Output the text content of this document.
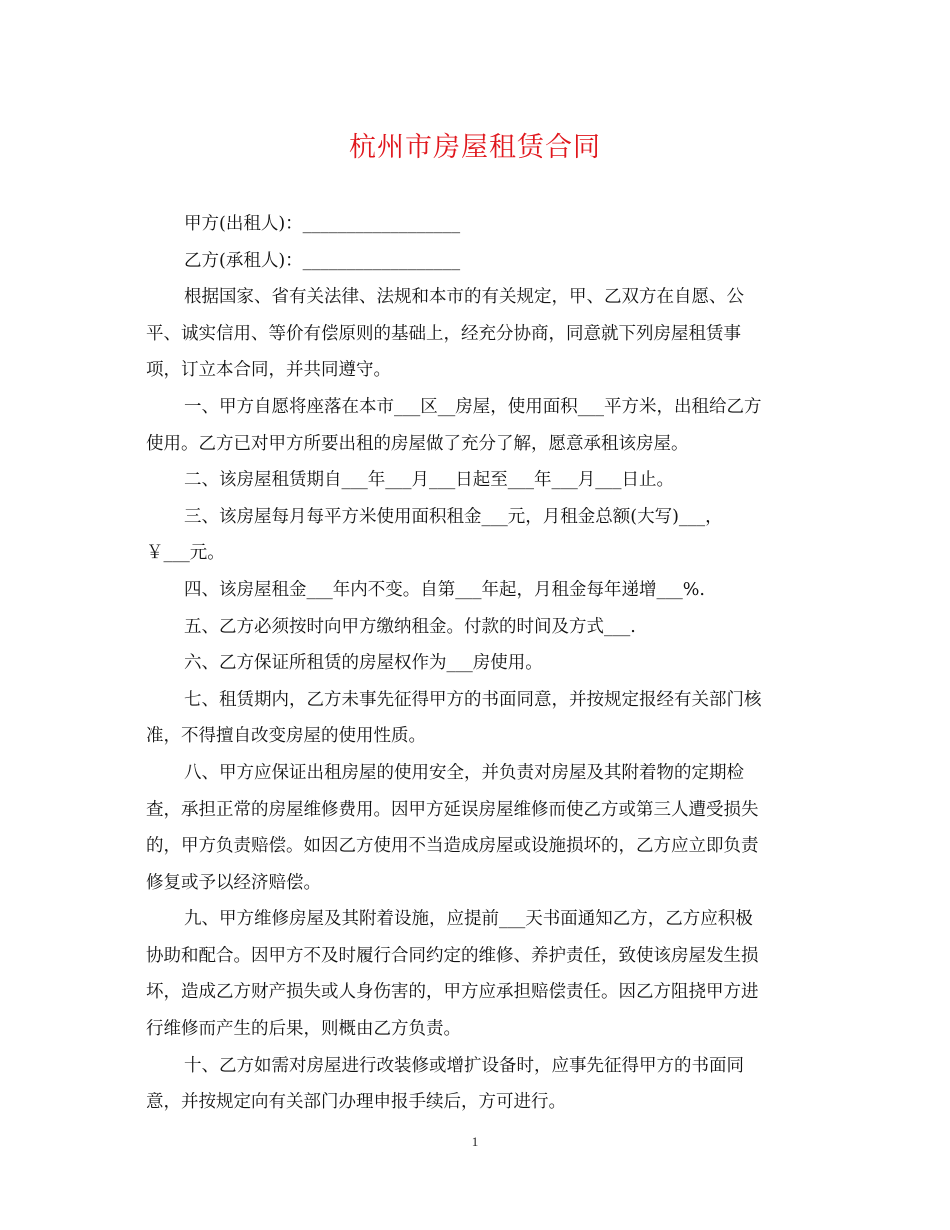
杭州市房屋租赁合同
甲方(出租人)：__________________
乙方(承租人)：__________________
根据国家、省有关法律、法规和本市的有关规定，甲、乙双方在自愿、公
平、诚实信用、等价有偿原则的基础上，经充分协商，同意就下列房屋租赁事
项，订立本合同，并共同遵守。
一、甲方自愿将座落在本市___区__房屋，使用面积___平方米，出租给乙方
使用。乙方已对甲方所要出租的房屋做了充分了解，愿意承租该房屋。
二、该房屋租赁期自___年___月___日起至___年___月___日止。
三、该房屋每月每平方米使用面积租金___元，月租金总额(大写)___，
￥___元。
四、该房屋租金___年内不变。自第___年起，月租金每年递增___%.
五、乙方必须按时向甲方缴纳租金。付款的时间及方式___.
六、乙方保证所租赁的房屋权作为___房使用。
七、租赁期内，乙方未事先征得甲方的书面同意，并按规定报经有关部门核
准，不得擅自改变房屋的使用性质。
八、甲方应保证出租房屋的使用安全，并负责对房屋及其附着物的定期检
查，承担正常的房屋维修费用。因甲方延误房屋维修而使乙方或第三人遭受损失
的，甲方负责赔偿。如因乙方使用不当造成房屋或设施损坏的，乙方应立即负责
修复或予以经济赔偿。
九、甲方维修房屋及其附着设施，应提前___天书面通知乙方，乙方应积极
协助和配合。因甲方不及时履行合同约定的维修、养护责任，致使该房屋发生损
坏，造成乙方财产损失或人身伤害的，甲方应承担赔偿责任。因乙方阻挠甲方进
行维修而产生的后果，则概由乙方负责。
十、乙方如需对房屋进行改装修或增扩设备时，应事先征得甲方的书面同
意，并按规定向有关部门办理申报手续后，方可进行。
1
